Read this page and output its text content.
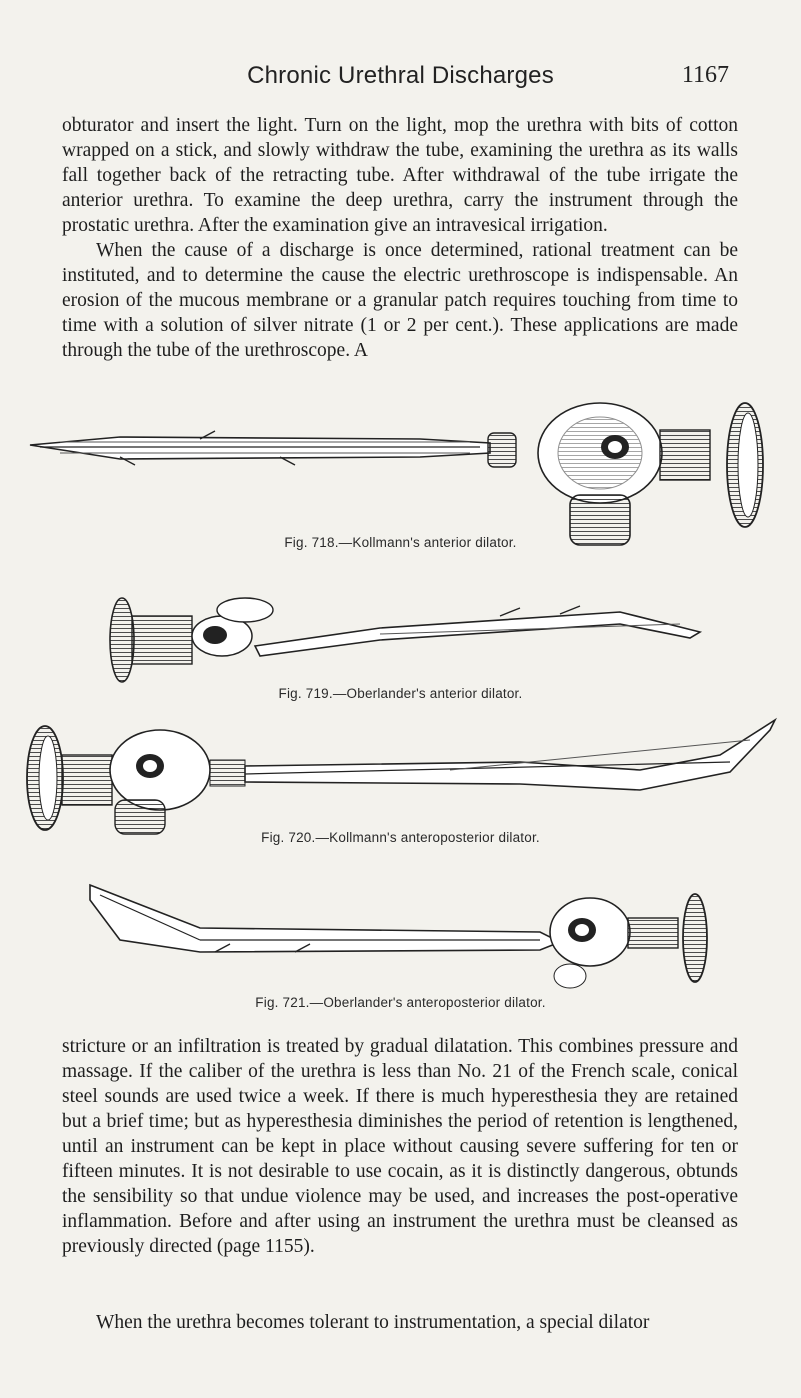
Chronic Urethral Discharges	1167

obturator and insert the light. Turn on the light, mop the urethra with bits of cotton wrapped on a stick, and slowly withdraw the tube, examining the urethra as its walls fall together back of the retracting tube. After withdrawal of the tube irrigate the anterior urethra. To examine the deep urethra, carry the instrument through the prostatic urethra. After the examination give an intravesical irrigation.

When the cause of a discharge is once determined, rational treatment can be instituted, and to determine the cause the electric urethroscope is indispensable. An erosion of the mucous membrane or a granular patch requires touching from time to time with a solution of silver nitrate (1 or 2 per cent.). These applications are made through the tube of the urethroscope. A

Fig. 718.—Kollmann's anterior dilator.
Fig. 719.—Oberlander's anterior dilator.
Fig. 720.—Kollmann's anteroposterior dilator.
Fig. 721.—Oberlander's anteroposterior dilator.

stricture or an infiltration is treated by gradual dilatation. This combines pressure and massage. If the caliber of the urethra is less than No. 21 of the French scale, conical steel sounds are used twice a week. If there is much hyperesthesia they are retained but a brief time; but as hyperesthesia diminishes the period of retention is lengthened, until an instrument can be kept in place without causing severe suffering for ten or fifteen minutes. It is not desirable to use cocain, as it is distinctly dangerous, obtunds the sensibility so that undue violence may be used, and increases the post-operative inflammation. Before and after using an instrument the urethra must be cleansed as previously directed (page 1155).

When the urethra becomes tolerant to instrumentation, a special dilator
